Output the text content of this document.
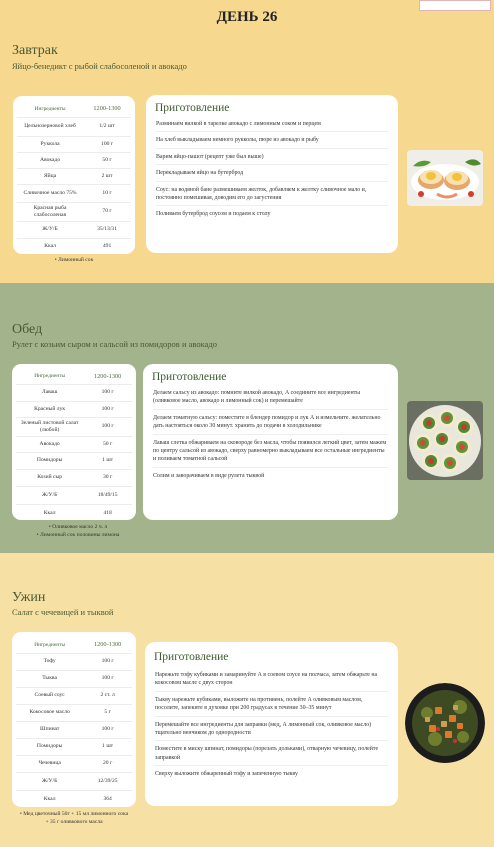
ДЕНЬ 26
Завтрак
Яйцо-бенедикт с рыбой слабосоленой и авокадо
Ингредиенты	1200-1300
Цельнозерновой хлеб	1/2 шт
Руккола	100 г
Авокадо	50 г
Яйца	2 шт
Сливочное масло 75%	10 г
Красная рыба слабосоленая	70 г
Ж/У/Б	35/13/31
Ккал	491
• Лимонный сок
Приготовление
Разминаем вилкой в тарелке авокадо с лимонным соком и перцем
На хлеб выкладываем немного рукколы, пюре из авокадо и рыбу
Варим яйцо-пашот (рецепт уже был выше)
Перекладываем яйцо на бутерброд
Соус: на водяной бане размешиваем желток, добавляем к желтку сливочное мало и, постоянно помешивая, доводим его до загустения
Поливаем бутерброд соусом и подаем к столу
Обед
Рулет с козьим сыром и сальсой из помидоров и авокадо
Ингредиенты	1200-1300
Лаваш	100 г
Красный лук	100 г
Зеленый листовой салат (любой)	100 г
Авокадо	50 г
Помидоры	1 шт
Козий сыр	30 г
Ж/У/Б	18/49/15
Ккал	418
• Оливковое масло 2 ч. л
• Лимонный сок половины лимона
Приготовление
Делаем сальсу из авокадо: помните вилкой авокадо, А соедините все ингредиенты (оливковое масло, авокадо и лимонный сок) и перемешайте
Делаем томатную сальсу: поместите в блендер помидор и лук А и измельчите. желательно дать настояться около 30 минут. хранить до подачи в холодильнике
Лаваш слетка обжариваем на сковороде без масла, чтобы появился легкий цвет, затем мажем по центру сальсой из авокадо, сверху равномерно выкладываем все остальные ингредиенты и поливаем томатной сальсой
Солим и заворачиваем в виде рулета тыквой
Ужин
Салат с чечевицей и тыквой
Ингредиенты	1200-1300
Тофу	100 г
Тыква	100 г
Соевый соус	2 ст. л
Кокосовое масло	5 г
Шпинат	100 г
Помидоры	1 шт
Чечевица	20 г
Ж/У/Б	12/39/25
Ккал	364
• Мед цветочный 50г + 15 мл лимонного сока
+ 35 г оливкового масла
Приготовление
Нарежьте тофу кубиками и замаринуйте А в соевом соусе на полчаса, затем обжарьте на кокосовом масле с двух сторон
Тыкву нарежьте кубиками, выложите на противень, полейте А оливковым маслом, посолите, запеките в духовке при 200 градусах в течение 30–35 минут
Перемешайте все ингредиенты для заправки (мед, А лимонный сок, оливковое масло) тщательно венчиком до однородности
Поместите в миску шпинат, помидоры (порезать дольками), отварную чечевицу, полейте заправкой
Сверху выложите обжаренный тофу и запеченную тыкву
